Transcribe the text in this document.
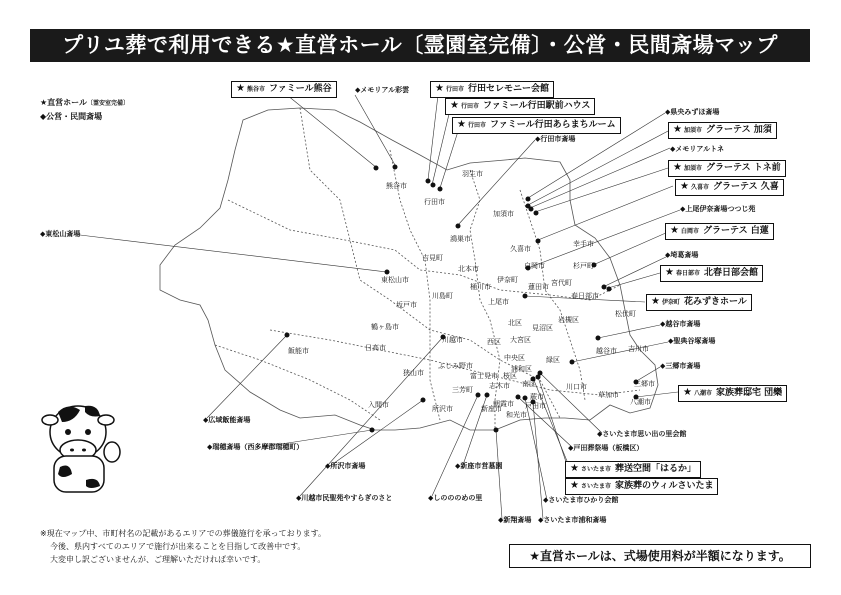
プリユ葬で利用できる★直営ホール〔霊園室完備〕・公営・民間斎場マップ
★直営ホール〔霊安室完備〕
◆公営・民間斎場
熊谷市
羽生市
行田市
加須市
鴻巣市
久喜市
幸手市
吉見町
北本市	白岡市	杉戸町
桶川市
伊奈町
蓮田市 宮代町
東松山市
川島町
上尾市
春日部市
坂戸市
鶴ヶ島市
松伏町
越谷市 吉川市
日高市
川越市
北区
見沼区
岩槻区
西区 大宮区
中央区
浦和区
緑区
飯能市
ふじみ野市
富士見市 桜区
狭山市
三芳町 志木市 南区	川口市
草加市
八潮市
三郷市
入間市	所沢市	新座市
朝霞市
和光市
蕨市
戸田市
★ 熊谷市 ファミール熊谷	★ 行田市 行田セレモニー会館
★ 行田市 ファミール行田駅前ハウス
★ 行田市 ファミール行田あらまちルーム	★ 加須市 グラーテス 加須
★ 加須市 グラーテス トネ前
★ 久喜市 グラーテス 久喜
★ 白岡市 グラーテス 白蓮
★ 春日部市 北春日部会館
★ 伊奈町 花みずきホール
★ 八潮市 家族葬邸宅 団欒
★ さいたま市 葬送空間「はるか」
★ さいたま市 家族葬のウィルさいたま
◆メモリアル彩雲
◆県央みずほ斎場
◆メモリアルトネ
◆行田市斎場
◆上尾伊奈斎場つつじ苑
◆埼葛斎場
◆東松山斎場
◆越谷市斎場
◆聖典谷塚斎場
◆三郷市斎場
◆広域飯能斎場
◆瑞穂斎場（西多摩郡瑞穂町）
◆さいたま市思い出の里会館
◆戸田葬祭場（板橋区）
◆所沢市斎場	◆新座市営墓園
◆川越市民聖苑やすらぎのさと	◆しのののめの里	◆さいたま市ひかり会館
◆新翔斎場 ◆さいたま市浦和斎場
※現在マップ中、市町村名の記載があるエリアでの葬儀施行を承っております。
今後、県内すべてのエリアで施行が出来ることを目指して改善中です。
大変申し訳ございませんが、ご理解いただければ幸いです。	★直営ホールは、式場使用料が半額になります。
